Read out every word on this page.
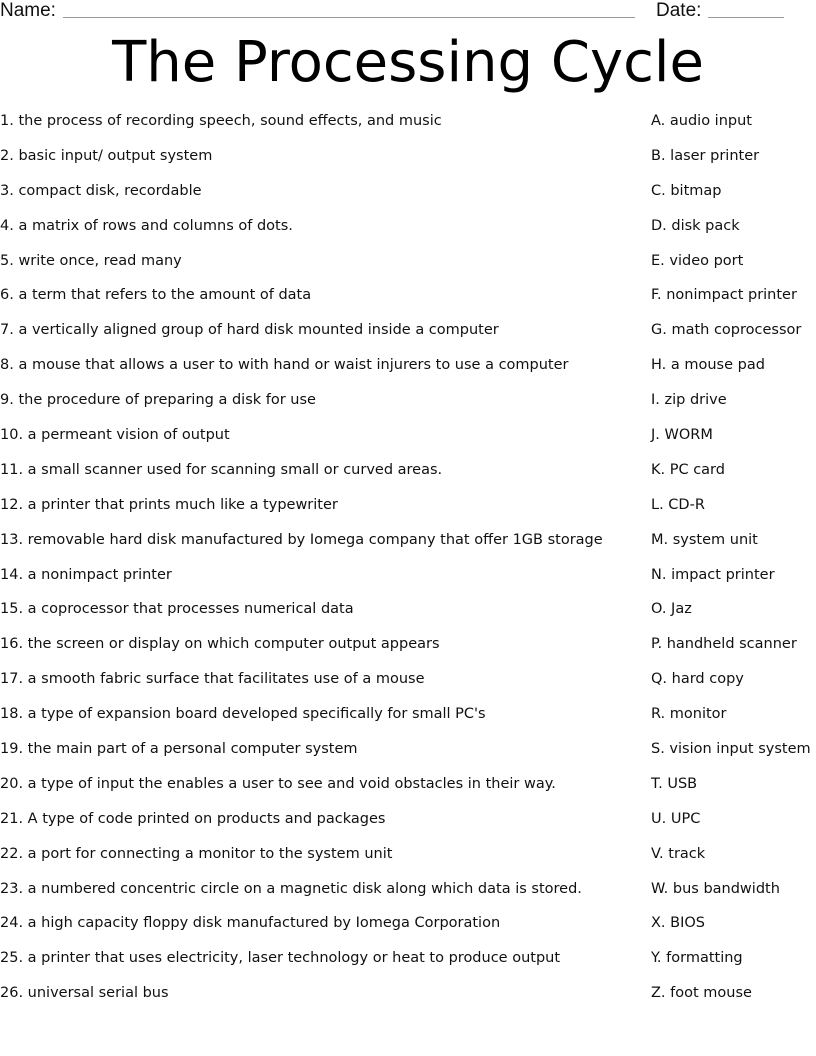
Name:	Date:
The Processing Cycle
1. the process of recording speech, sound effects, and music	A. audio input
2. basic input/ output system	B. laser printer
3. compact disk, recordable	C. bitmap
4. a matrix of rows and columns of dots.	D. disk pack
5. write once, read many	E. video port
6. a term that refers to the amount of data	F. nonimpact printer
7. a vertically aligned group of hard disk mounted inside a computer	G. math coprocessor
8. a mouse that allows a user to with hand or waist injurers to use a computer	H. a mouse pad
9. the procedure of preparing a disk for use	I. zip drive
10. a permeant vision of output	J. WORM
11. a small scanner used for scanning small or curved areas.	K. PC card
12. a printer that prints much like a typewriter	L. CD-R
13. removable hard disk manufactured by Iomega company that offer 1GB storage	M. system unit
14. a nonimpact printer	N. impact printer
15. a coprocessor that processes numerical data	O. Jaz
16. the screen or display on which computer output appears	P. handheld scanner
17. a smooth fabric surface that facilitates use of a mouse	Q. hard copy
18. a type of expansion board developed specifically for small PC's	R. monitor
19. the main part of a personal computer system	S. vision input system
20. a type of input the enables a user to see and void obstacles in their way.	T. USB
21. A type of code printed on products and packages	U. UPC
22. a port for connecting a monitor to the system unit	V. track
23. a numbered concentric circle on a magnetic disk along which data is stored.	W. bus bandwidth
24. a high capacity floppy disk manufactured by Iomega Corporation	X. BIOS
25. a printer that uses electricity, laser technology or heat to produce output	Y. formatting
26. universal serial bus	Z. foot mouse
